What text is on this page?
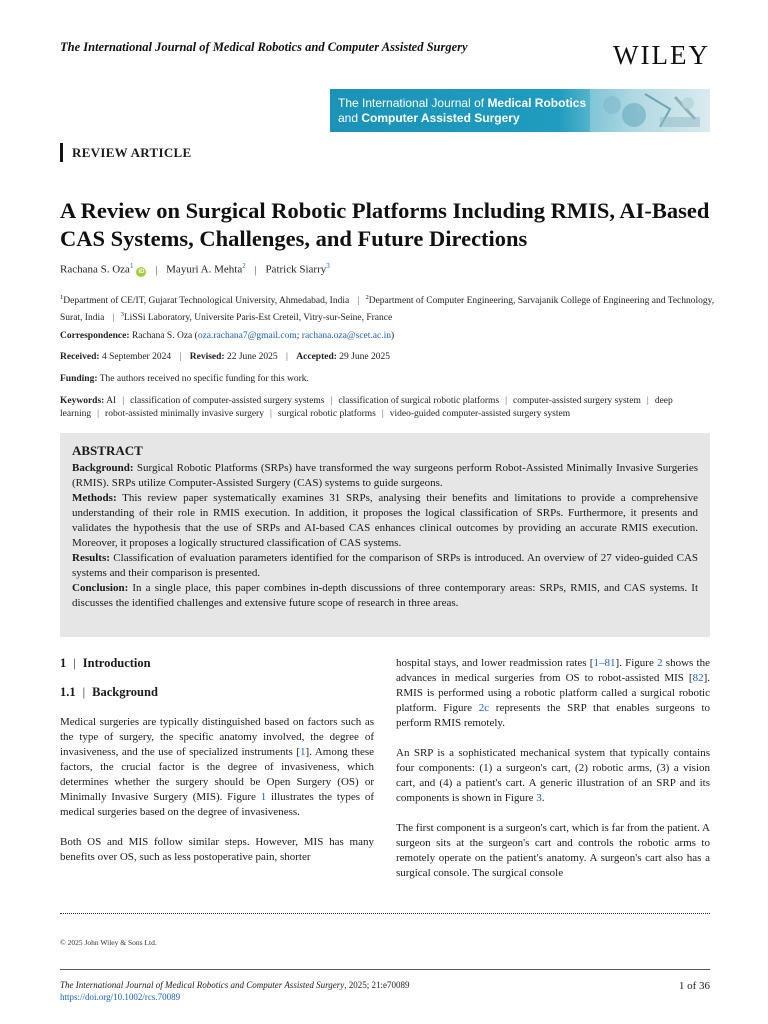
The International Journal of Medical Robotics and Computer Assisted Surgery	WILEY
The International Journal of Medical Robotics
and Computer Assisted Surgery
REVIEW ARTICLE
A Review on Surgical Robotic Platforms Including RMIS, AI-Based CAS Systems, Challenges, and Future Directions
Rachana S. Oza$^1$iD | Mayuri A. Mehta$^2$ | Patrick Siarry$^3$
$^1$Department of CE/IT, Gujarat Technological University, Ahmedabad, India | $^2$Department of Computer Engineering, Sarvajanik College of Engineering and Technology, Surat, India | $^3$LiSSi Laboratory, Universite Paris-Est Creteil, Vitry-sur-Seine, France
Correspondence: Rachana S. Oza (oza.rachana7@gmail.com; rachana.oza@scet.ac.in)
Received: 4 September 2024 | Revised: 22 June 2025 | Accepted: 29 June 2025
Funding: The authors received no specific funding for this work.
Keywords: AI | classification of computer-assisted surgery systems | classification of surgical robotic platforms | computer-assisted surgery system | deep learning | robot-assisted minimally invasive surgery | surgical robotic platforms | video-guided computer-assisted surgery system
ABSTRACT

Background: Surgical Robotic Platforms (SRPs) have transformed the way surgeons perform Robot-Assisted Minimally Invasive Surgeries (RMIS). SRPs utilize Computer-Assisted Surgery (CAS) systems to guide surgeons.

Methods: This review paper systematically examines 31 SRPs, analysing their benefits and limitations to provide a comprehensive understanding of their role in RMIS execution. In addition, it proposes the logical classification of SRPs. Furthermore, it presents and validates the hypothesis that the use of SRPs and AI-based CAS enhances clinical outcomes by providing an accurate RMIS execution. Moreover, it proposes a logically structured classification of CAS systems.

Results: Classification of evaluation parameters identified for the comparison of SRPs is introduced. An overview of 27 video-guided CAS systems and their comparison is presented.

Conclusion: In a single place, this paper combines in-depth discussions of three contemporary areas: SRPs, RMIS, and CAS systems. It discusses the identified challenges and extensive future scope of research in three areas.

1 | Introduction
1.1 | Background

Medical surgeries are typically distinguished based on factors such as the type of surgery, the specific anatomy involved, the degree of invasiveness, and the use of specialized instruments [1]. Among these factors, the crucial factor is the degree of invasiveness, which determines whether the surgery should be Open Surgery (OS) or Minimally Invasive Surgery (MIS). Figure 1 illustrates the types of medical surgeries based on the degree of invasiveness.

Both OS and MIS follow similar steps. However, MIS has many benefits over OS, such as less postoperative pain, shorter

hospital stays, and lower readmission rates [1–81]. Figure 2 shows the advances in medical surgeries from OS to robot-assisted MIS [82]. RMIS is performed using a robotic platform called a surgical robotic platform. Figure 2c represents the SRP that enables surgeons to perform RMIS remotely.

An SRP is a sophisticated mechanical system that typically contains four components: (1) a surgeon's cart, (2) robotic arms, (3) a vision cart, and (4) a patient's cart. A generic illustration of an SRP and its components is shown in Figure 3.

The first component is a surgeon's cart, which is far from the patient. A surgeon sits at the surgeon's cart and controls the robotic arms to remotely operate on the patient's anatomy. A surgeon's cart also has a surgical console. The surgical console

© 2025 John Wiley & Sons Ltd.
The International Journal of Medical Robotics and Computer Assisted Surgery, 2025; 21:e70089
https://doi.org/10.1002/rcs.70089
1 of 36
